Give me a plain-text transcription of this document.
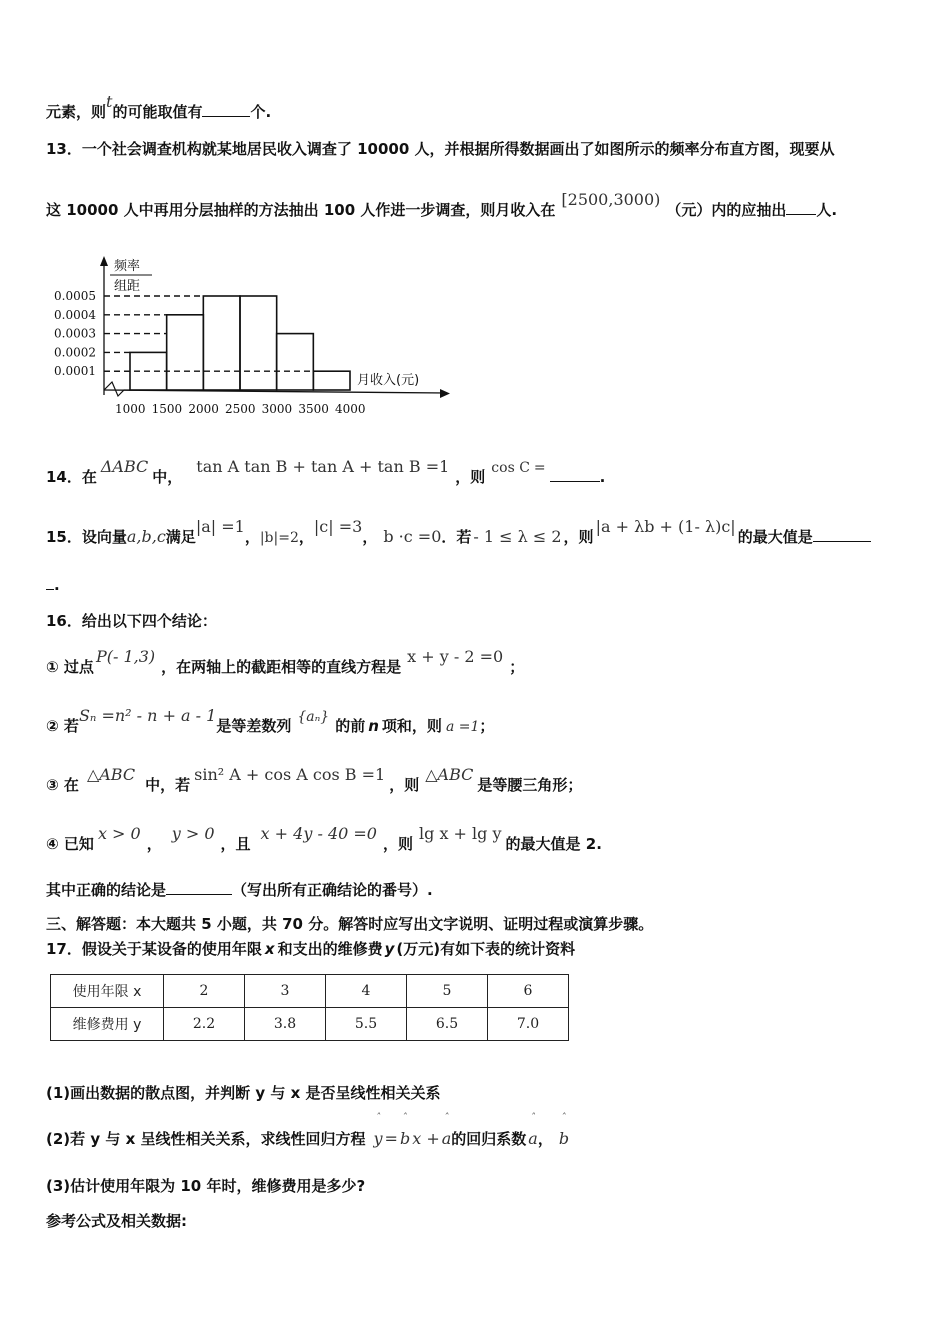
元素，则t的可能取值有	个.
13．一个社会调查机构就某地居民收入调查了 10000 人，并根据所得数据画出了如图所示的频率分布直方图，现要从
这 10000 人中再用分层抽样的方法抽出 100 人作进一步调查，则月收入在[2500,3000)（元）内的应抽出 人.
频率
组距
0.0001
0.0002
0.0003
0.0004
0.0005
1000 1500 2000 2500 3000 3500 4000
月收入(元)
14．在ΔABC中，tan A tan B + tan A + tan B =1，则 cos C =	.
15．设向量a,b,c满足|a| =1，|b|=2，|c| =3， b ·c =0．若 - 1 ≤ λ ≤ 2 ，则|a + λb + (1- λ)c|的最大值是
.
16．给出以下四个结论：
① 过点P(- 1,3)，在两轴上的截距相等的直线方程是x + y - 2 =0；
② 若Sₙ =n² - n + a - 1是等差数列 {aₙ} 的前 n 项和，则 a =1；
③ 在△ABC中，若sin² A + cos A cos B =1，则△ABC是等腰三角形；
④ 已知x > 0，y > 0，且x + 4y - 40 =0，则lg x + lg y的最大值是 2.
其中正确的结论是	（写出所有正确结论的番号）.
三、解答题：本大题共 5 小题，共 70 分。解答时应写出文字说明、证明过程或演算步骤。
17．假设关于某设备的使用年限 x 和支出的维修费 y (万元)有如下表的统计资料
使用年限 x	2	3	4	5	6
维修费用 y	2.2	3.8	5.5	6.5	7.0
(1)画出数据的散点图，并判断 y 与 x 是否呈线性相关关系
(2)若 y 与 x 呈线性相关关系，求线性回归方程 ˆ y = ˆ b x + ˆ a的回归系数 ˆ a， ˆ b
(3)估计使用年限为 10 年时，维修费用是多少?
参考公式及相关数据:
